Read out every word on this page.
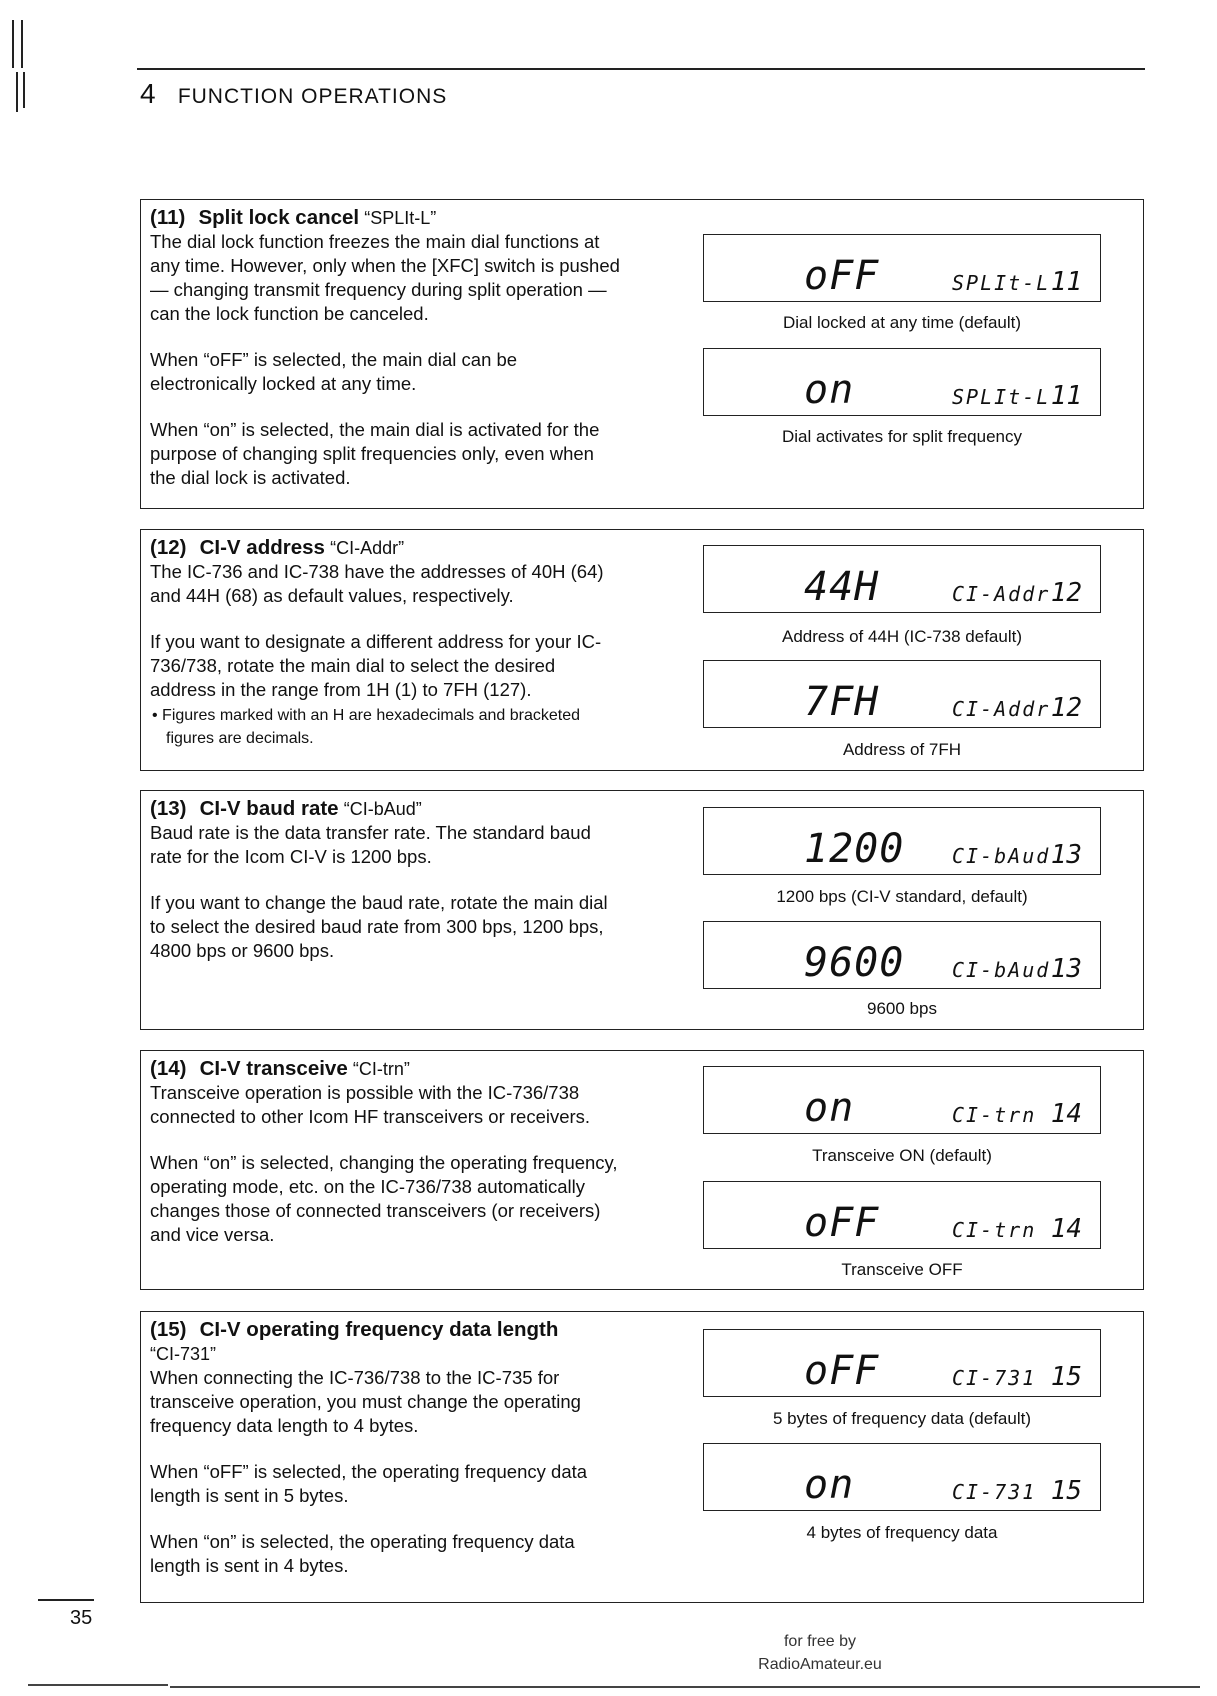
4 FUNCTION OPERATIONS
(11) Split lock cancel “SPLIt-L”

The dial lock function freezes the main dial functions at any time. However, only when the [XFC] switch is pushed — changing transmit frequency during split operation — can the lock function be canceled.

When “oFF” is selected, the main dial can be electronically locked at any time.

When “on” is selected, the main dial is activated for the purpose of changing split frequencies only, even when the dial lock is activated.

oFF	SPLIt-L 11
Dial locked at any time (default)
on	SPLIt-L 11
Dial activates for split frequency
(12) CI-V address “CI-Addr”

The IC-736 and IC-738 have the addresses of 40H (64) and 44H (68) as default values, respectively.

If you want to designate a different address for your IC-736/738, rotate the main dial to select the desired address in the range from 1H (1) to 7FH (127).

• Figures marked with an H are hexadecimals and bracketed figures are decimals.

44H	CI-Addr 12
Address of 44H (IC-738 default)
7FH	CI-Addr 12
Address of 7FH
(13) CI-V baud rate “CI-bAud”

Baud rate is the data transfer rate. The standard baud rate for the Icom CI-V is 1200 bps.

If you want to change the baud rate, rotate the main dial to select the desired baud rate from 300 bps, 1200 bps, 4800 bps or 9600 bps.

1200 CI-bAud 13
1200 bps (CI-V standard, default)
9600 CI-bAud 13
9600 bps
(14) CI-V transceive “CI-trn”

Transceive operation is possible with the IC-736/738 connected to other Icom HF transceivers or receivers.

When “on” is selected, changing the operating frequency, operating mode, etc. on the IC-736/738 automatically changes those of connected transceivers (or receivers) and vice versa.

on	CI-trn 14
Transceive ON (default)
oFF	CI-trn 14
Transceive OFF
(15) CI-V operating frequency data length “CI-731”

When connecting the IC-736/738 to the IC-735 for transceive operation, you must change the operating frequency data length to 4 bytes.

When “oFF” is selected, the operating frequency data length is sent in 5 bytes.

When “on” is selected, the operating frequency data length is sent in 4 bytes.

oFF	CI-731 15
5 bytes of frequency data (default)
on	CI-731 15
4 bytes of frequency data
35
for free by
RadioAmateur.eu
